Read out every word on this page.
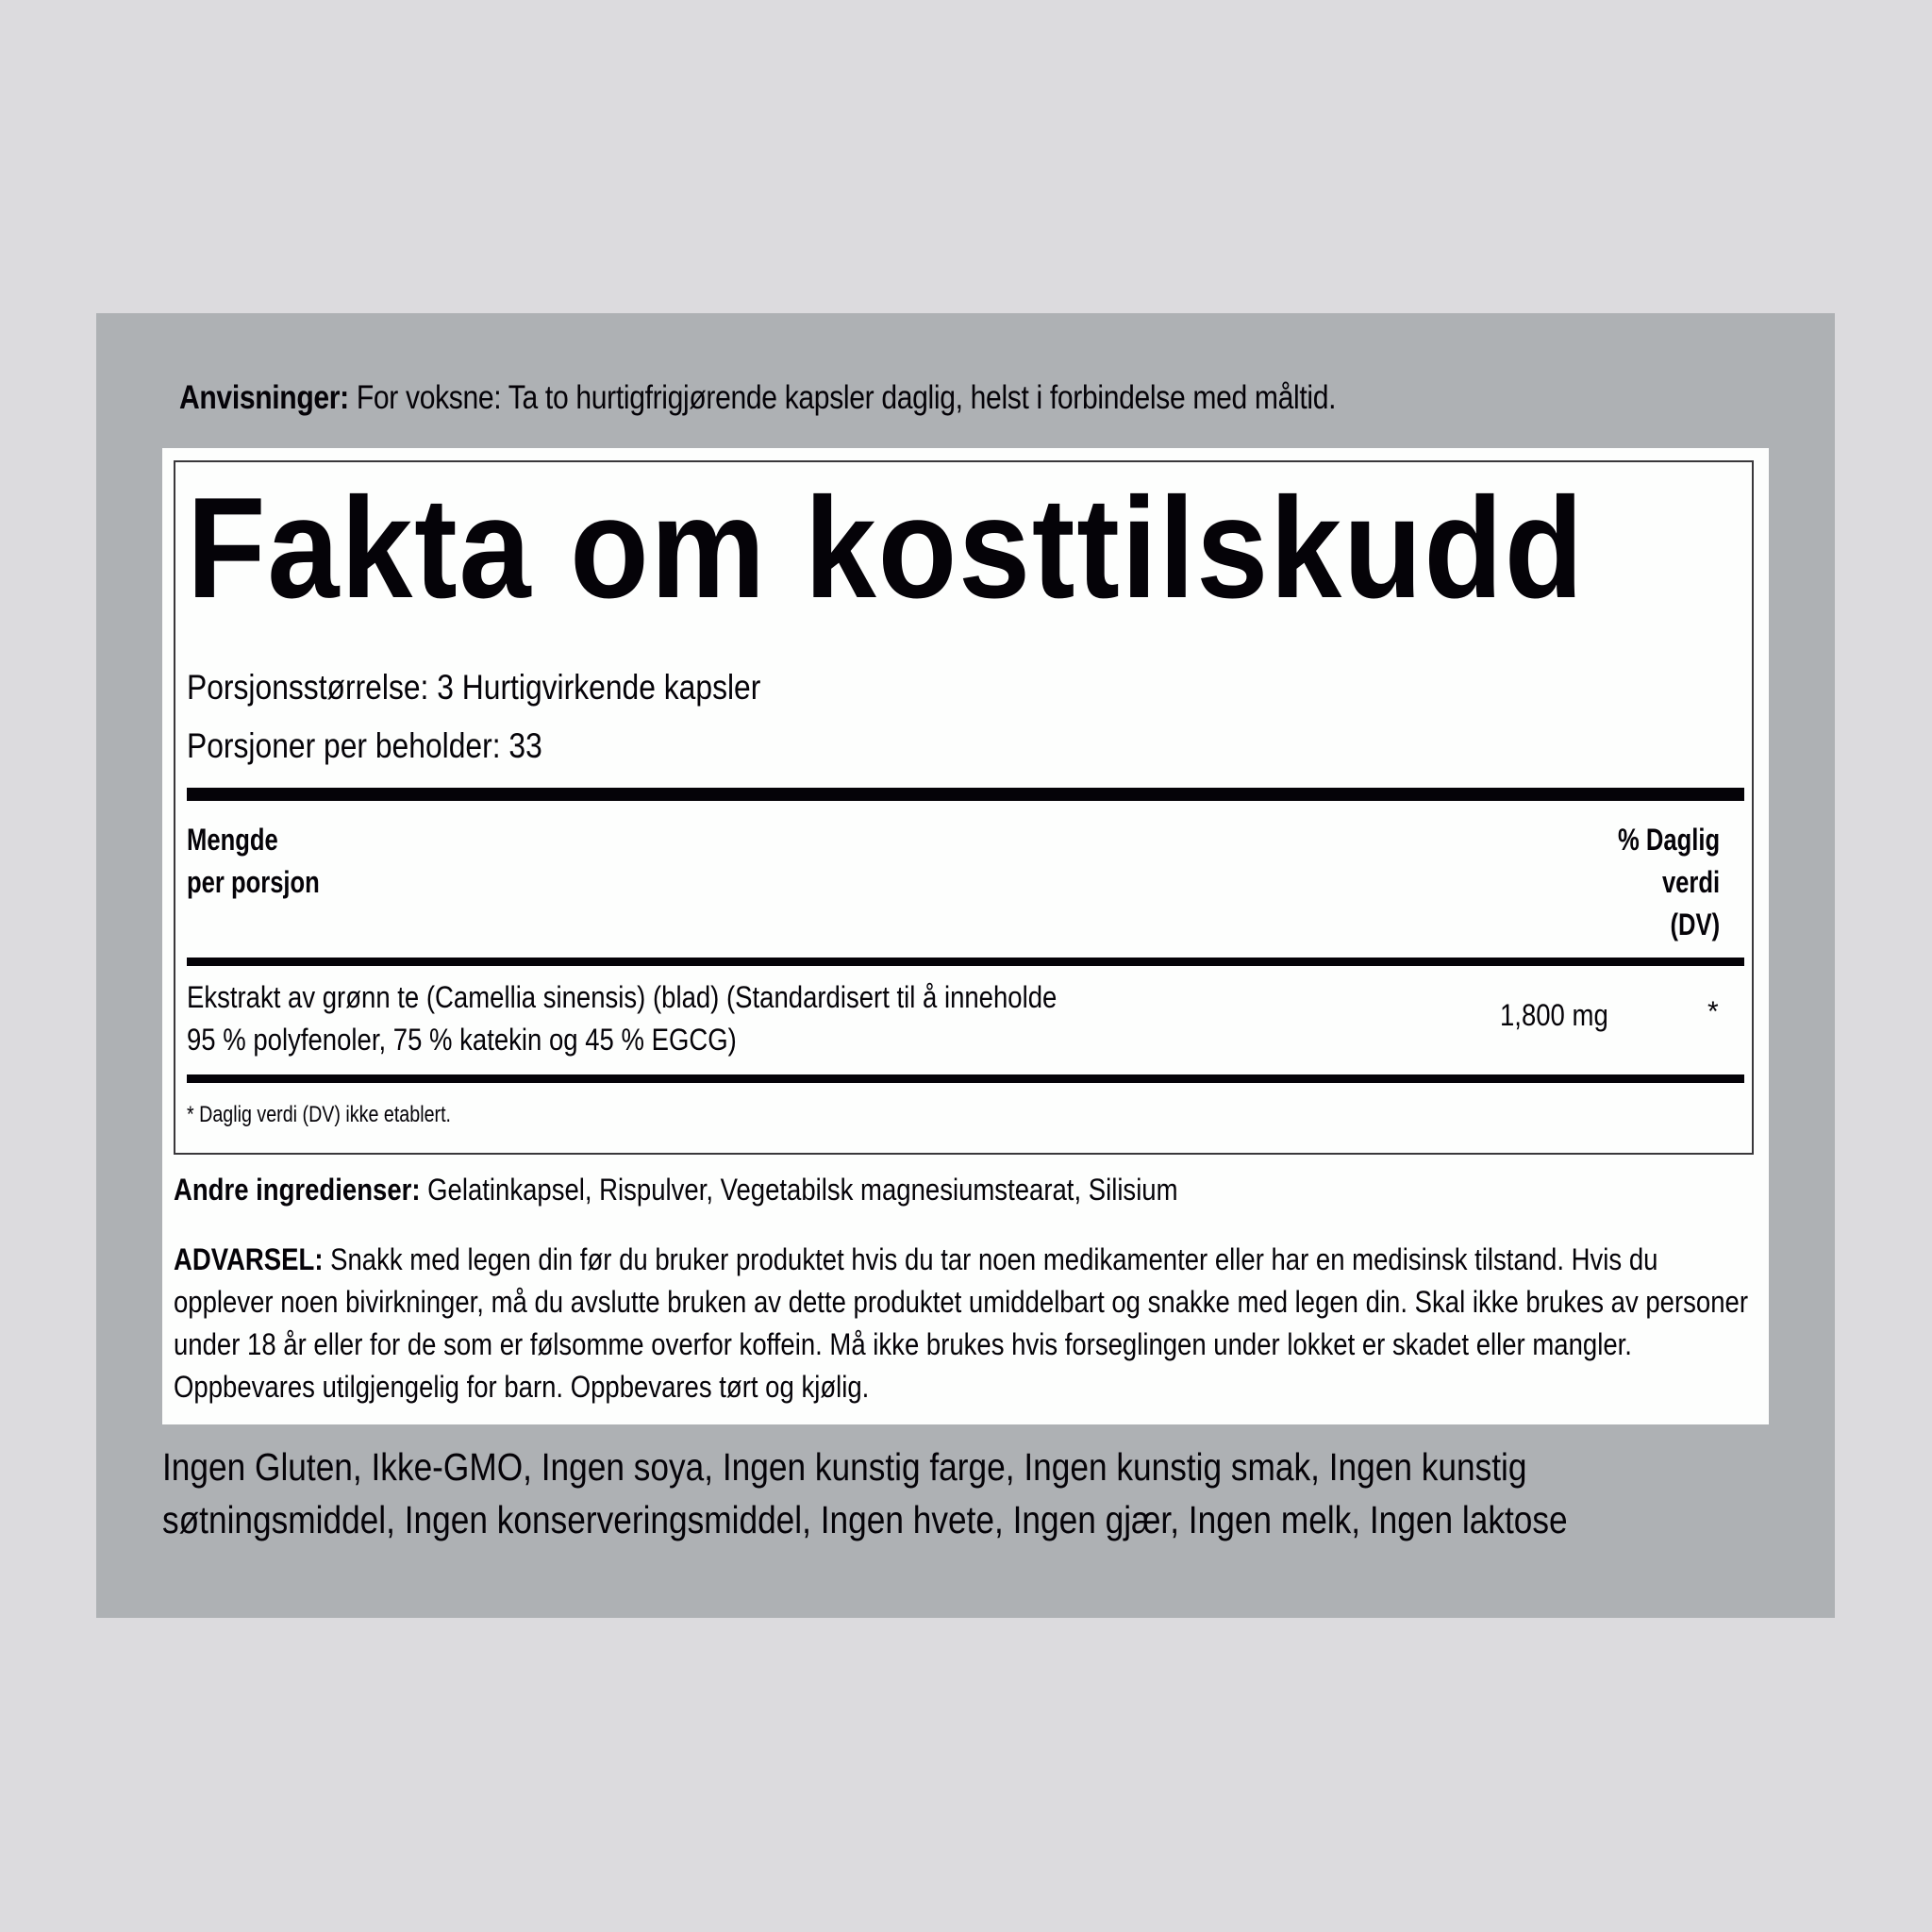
Anvisninger: For voksne: Ta to hurtigfrigjørende kapsler daglig, helst i forbindelse med måltid.
Fakta om kosttilskudd
Porsjonsstørrelse: 3 Hurtigvirkende kapsler
Porsjoner per beholder: 33
Mengde
per porsjon
% Daglig
verdi
(DV)
Ekstrakt av grønn te (Camellia sinensis) (blad) (Standardisert til å inneholde 95 % polyfenoler, 75 % katekin og 45 % EGCG)
1,800 mg	*
* Daglig verdi (DV) ikke etablert.
Andre ingredienser: Gelatinkapsel, Rispulver, Vegetabilsk magnesiumstearat, Silisium
ADVARSEL: Snakk med legen din før du bruker produktet hvis du tar noen medikamenter eller har en medisinsk tilstand. Hvis du opplever noen bivirkninger, må du avslutte bruken av dette produktet umiddelbart og snakke med legen din. Skal ikke brukes av personer under 18 år eller for de som er følsomme overfor koffein. Må ikke brukes hvis forseglingen under lokket er skadet eller mangler. Oppbevares utilgjengelig for barn. Oppbevares tørt og kjølig.
Ingen Gluten, Ikke-GMO, Ingen soya, Ingen kunstig farge, Ingen kunstig smak, Ingen kunstig søtningsmiddel, Ingen konserveringsmiddel, Ingen hvete, Ingen gjær, Ingen melk, Ingen laktose
